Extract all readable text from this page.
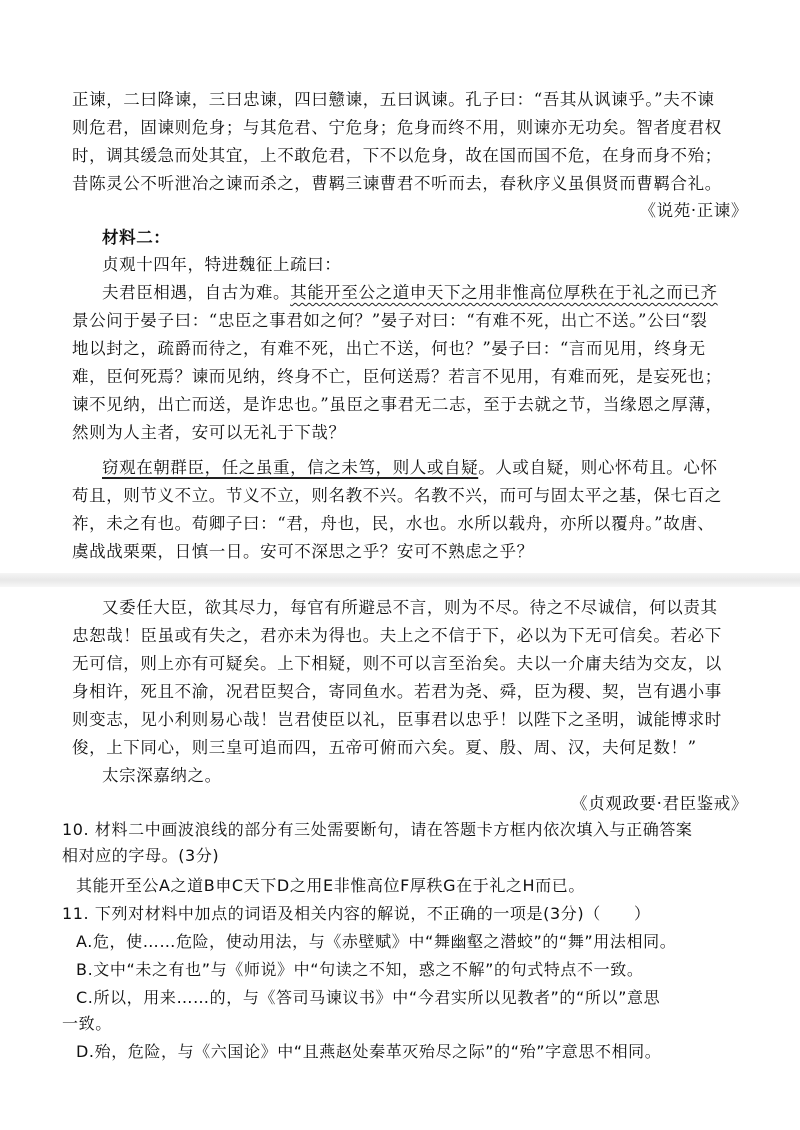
正谏，二曰降谏，三曰忠谏，四曰戆谏，五曰讽谏。孔子曰：“吾其从讽谏乎。”夫不谏
则危君，固谏则危身；与其危君、宁危身；危身而终不用，则谏亦无功矣。智者度君权
时，调其缓急而处其宜，上不敢危君，下不以危身，故在国而国不危，在身而身不殆；
昔陈灵公不听泄冶之谏而杀之，曹羁三谏曹君不听而去，春秋序义虽俱贤而曹羁合礼。
《说苑·正谏》
材料二：
贞观十四年，特进魏征上疏曰：
夫君臣相遇，自古为难。其能开至公之道申天下之用非惟高位厚秩在于礼之而已齐
景公问于晏子曰：“忠臣之事君如之何？”晏子对曰：“有难不死，出亡不送。”公曰“裂
地以封之，疏爵而待之，有难不死，出亡不送，何也？”晏子曰：“言而见用，终身无
难，臣何死焉？谏而见纳，终身不亡，臣何送焉？若言不见用，有难而死，是妄死也；
谏不见纳，出亡而送，是诈忠也。”虽臣之事君无二志，至于去就之节，当缘恩之厚薄，
然则为人主者，安可以无礼于下哉？
窃观在朝群臣，任之虽重，信之未笃，则人或自疑。人或自疑，则心怀苟且。心怀
苟且，则节义不立。节义不立，则名教不兴。名教不兴，而可与固太平之基，保七百之
祚，未之有也。荀卿子曰：“君，舟也，民，水也。水所以载舟，亦所以覆舟。”故唐、
虞战战栗栗，日慎一日。安可不深思之乎？安可不熟虑之乎？
又委任大臣，欲其尽力，每官有所避忌不言，则为不尽。待之不尽诚信，何以责其
忠恕哉！臣虽或有失之，君亦未为得也。夫上之不信于下，必以为下无可信矣。若必下
无可信，则上亦有可疑矣。上下相疑，则不可以言至治矣。夫以一介庸夫结为交友，以
身相许，死且不渝，况君臣契合，寄同鱼水。若君为尧、舜，臣为稷、契，岂有遇小事
则变志，见小利则易心哉！岂君使臣以礼，臣事君以忠乎！以陛下之圣明，诚能博求时
俊，上下同心，则三皇可追而四，五帝可俯而六矣。夏、殷、周、汉，夫何足数！”
太宗深嘉纳之。
《贞观政要·君臣鉴戒》
10. 材料二中画波浪线的部分有三处需要断句，请在答题卡方框内依次填入与正确答案
相对应的字母。(3分)
其能开至公A之道B申C天下D之用E非惟高位F厚秩G在于礼之H而已。
11. 下列对材料中加点的词语及相关内容的解说，不正确的一项是(3分)（　　）
A.危，使……危险，使动用法，与《赤壁赋》中“舞幽壑之潜蛟”的“舞”用法相同。
B.文中“未之有也”与《师说》中“句读之不知，惑之不解”的句式特点不一致。
C.所以，用来……的，与《答司马谏议书》中“今君实所以见教者”的“所以”意思
一致。
D.殆，危险，与《六国论》中“且燕赵处秦革灭殆尽之际”的“殆”字意思不相同。
